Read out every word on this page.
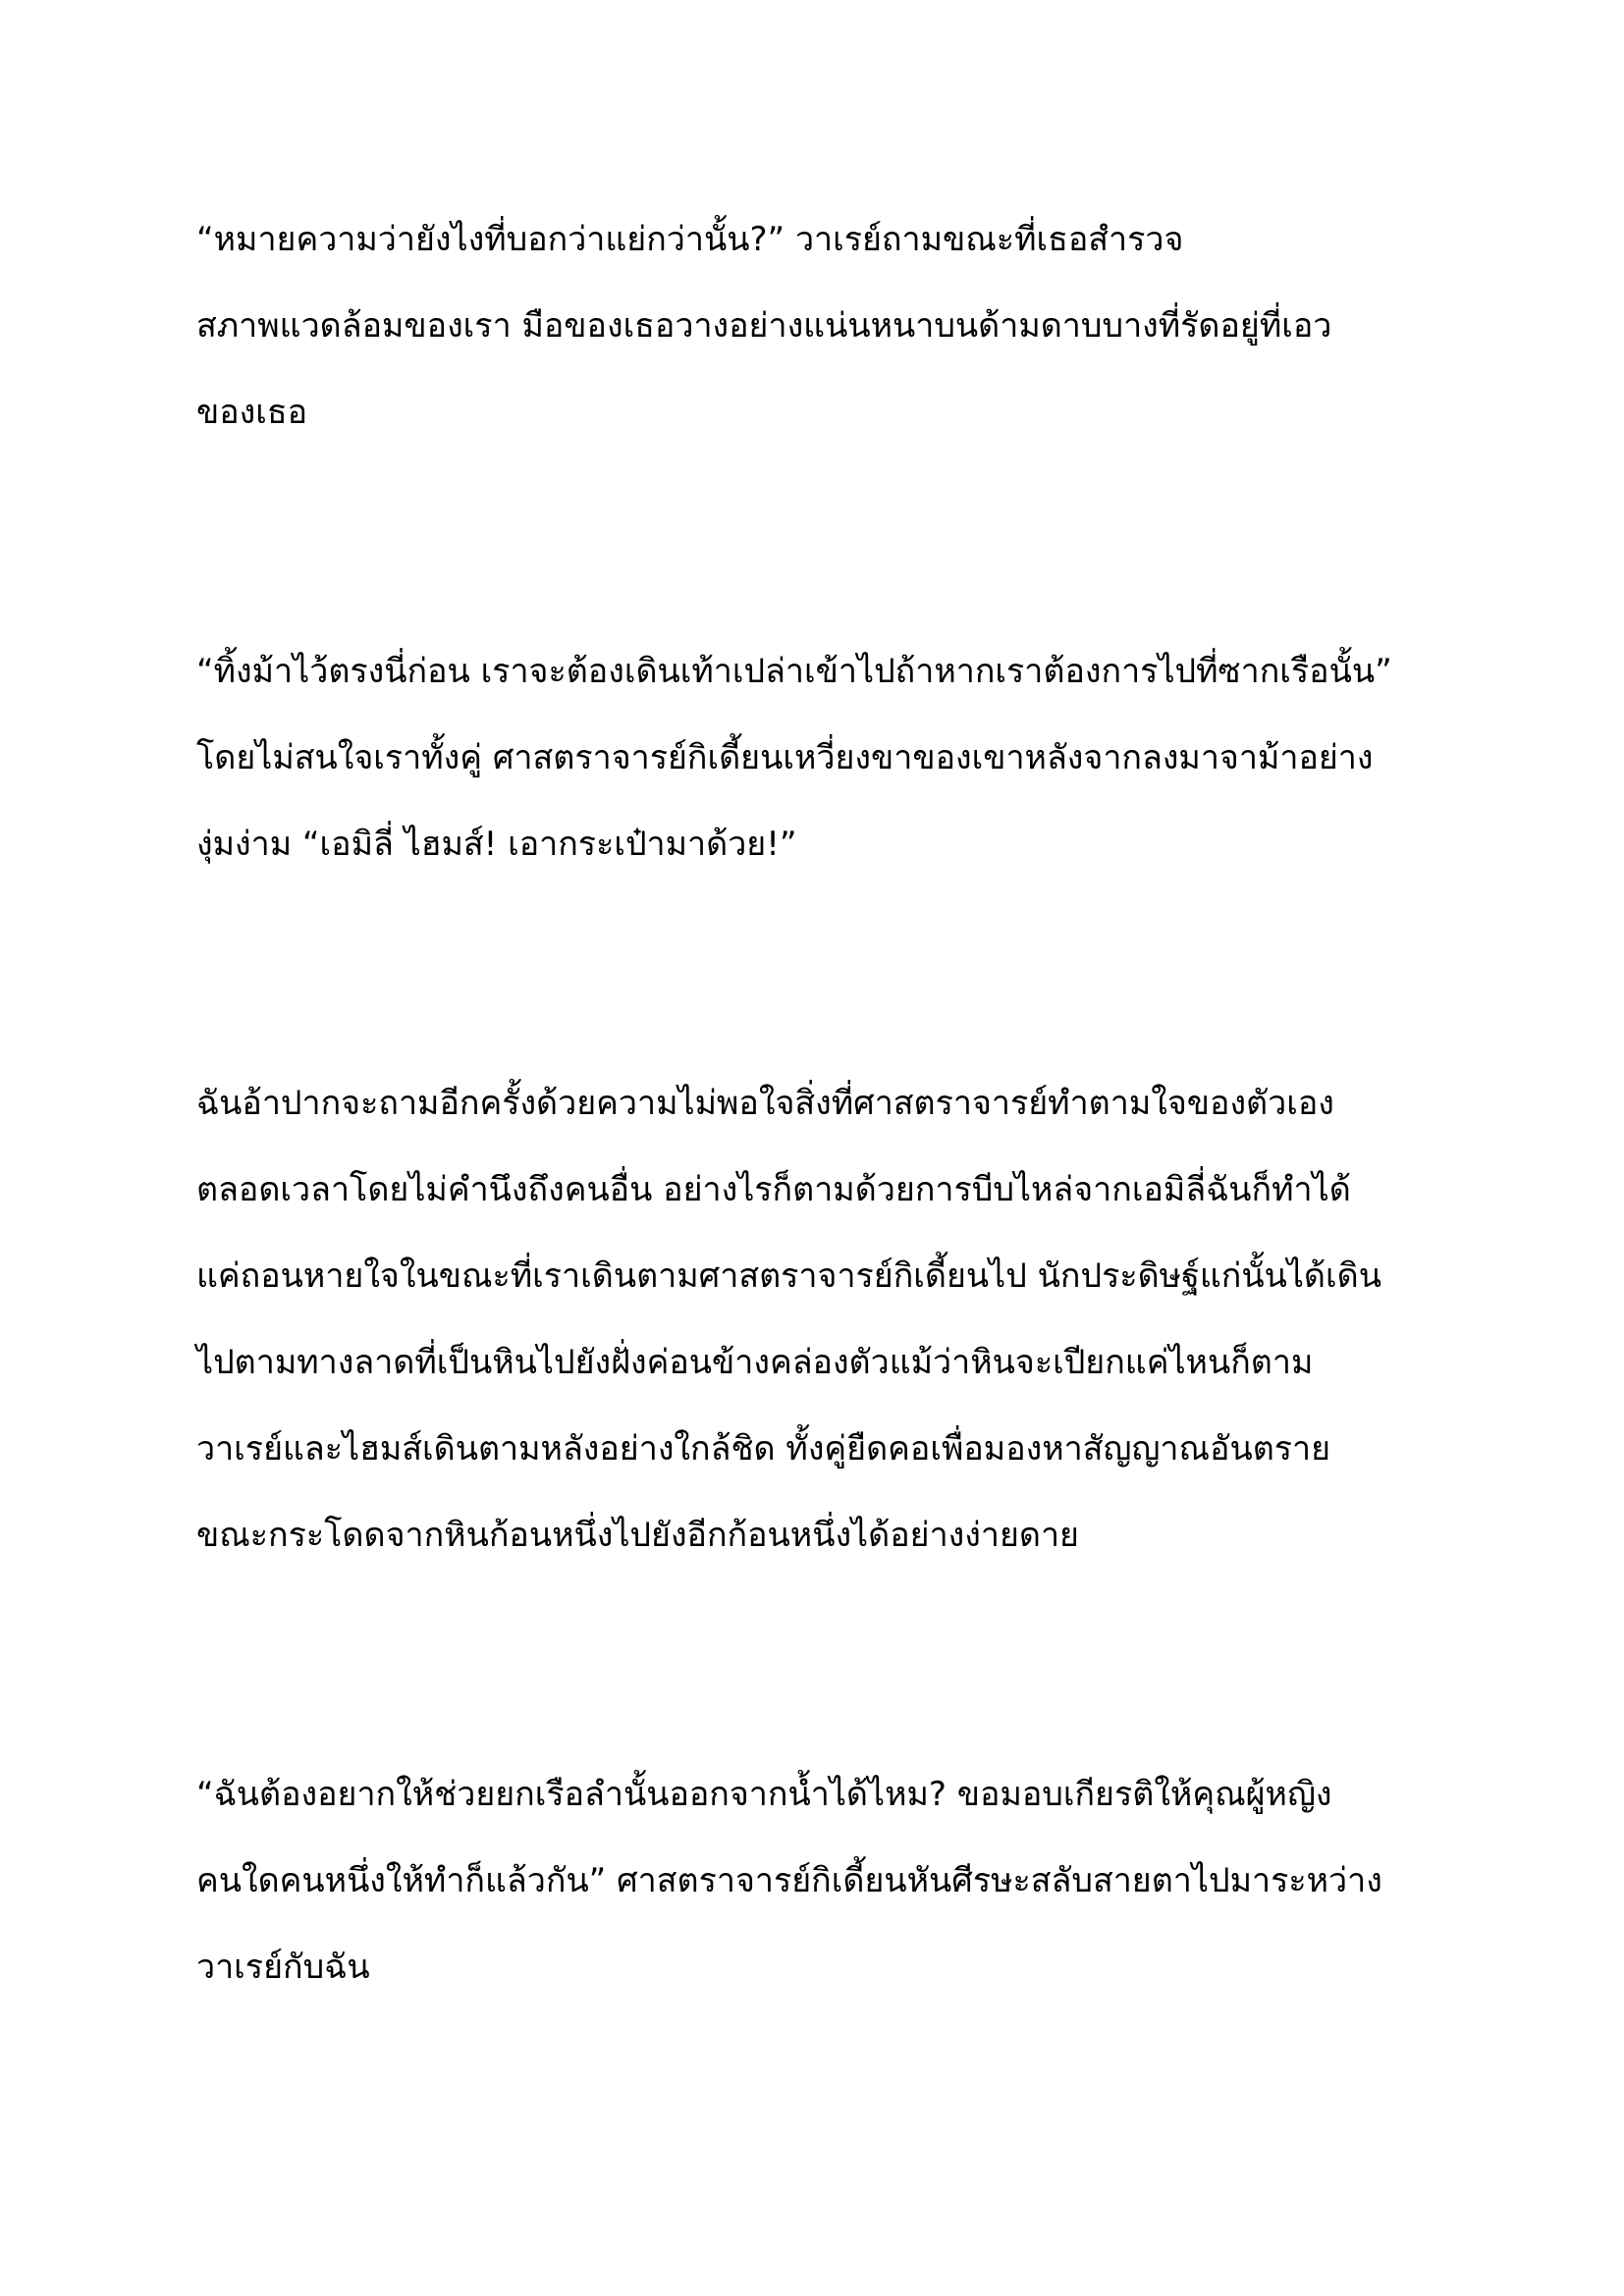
“หมายความว่ายังไงที่บอกว่าแย่กว่านั้น?” วาเรย์ถามขณะที่เธอสำรวจ
สภาพแวดล้อมของเรา มือของเธอวางอย่างแน่นหนาบนด้ามดาบบางที่รัดอยู่ที่เอว
ของเธอ
“ทิ้งม้าไว้ตรงนี่ก่อน เราจะต้องเดินเท้าเปล่าเข้าไปถ้าหากเราต้องการไปที่ซากเรือนั้น”
โดยไม่สนใจเราทั้งคู่ ศาสตราจารย์กิเดี้ยนเหวี่ยงขาของเขาหลังจากลงมาจาม้าอย่าง
งุ่มง่าม “เอมิลี่ ไฮมส์! เอากระเป๋ามาด้วย!”
ฉันอ้าปากจะถามอีกครั้งด้วยความไม่พอใจสิ่งที่ศาสตราจารย์ทำตามใจของตัวเอง
ตลอดเวลาโดยไม่คำนึงถึงคนอื่น อย่างไรก็ตามด้วยการบีบไหล่จากเอมิลี่ฉันก็ทำได้
แค่ถอนหายใจในขณะที่เราเดินตามศาสตราจารย์กิเดี้ยนไป นักประดิษฐ์แก่นั้นได้เดิน
ไปตามทางลาดที่เป็นหินไปยังฝั่งค่อนข้างคล่องตัวแม้ว่าหินจะเปียกแค่ไหนก็ตาม
วาเรย์และไฮมส์เดินตามหลังอย่างใกล้ชิด ทั้งคู่ยืดคอเพื่อมองหาสัญญาณอันตราย
ขณะกระโดดจากหินก้อนหนึ่งไปยังอีกก้อนหนึ่งได้อย่างง่ายดาย
“ฉันต้องอยากให้ช่วยยกเรือลำนั้นออกจากน้ำได้ไหม? ขอมอบเกียรติให้คุณผู้หญิง
คนใดคนหนึ่งให้ทำก็แล้วกัน” ศาสตราจารย์กิเดี้ยนหันศีรษะสลับสายตาไปมาระหว่าง
วาเรย์กับฉัน
